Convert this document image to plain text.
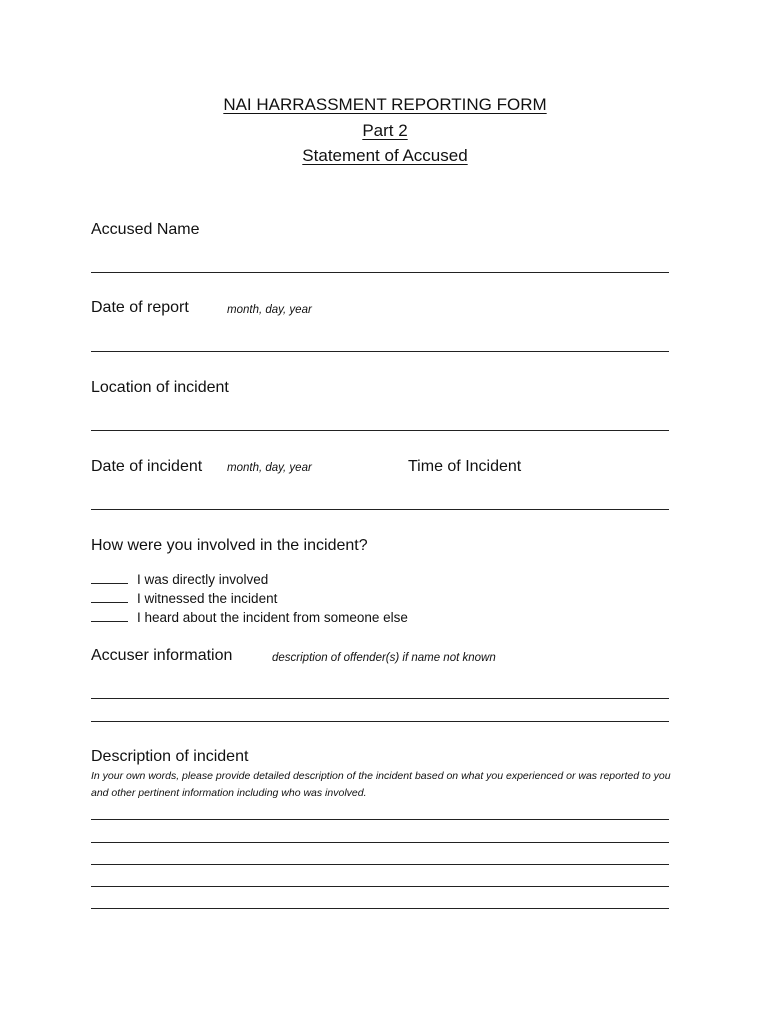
NAI HARRASSMENT REPORTING FORM
Part 2
Statement of Accused
Accused Name
Date of report	month, day, year
Location of incident
Date of incident month, day, year	Time of Incident
How were you involved in the incident?
I was directly involved
I witnessed the incident
I heard about the incident from someone else
Accuser information	description of offender(s) if name not known
Description of incident
In your own words, please provide detailed description of the incident based on what you experienced or was reported to you and other pertinent information including who was involved.
